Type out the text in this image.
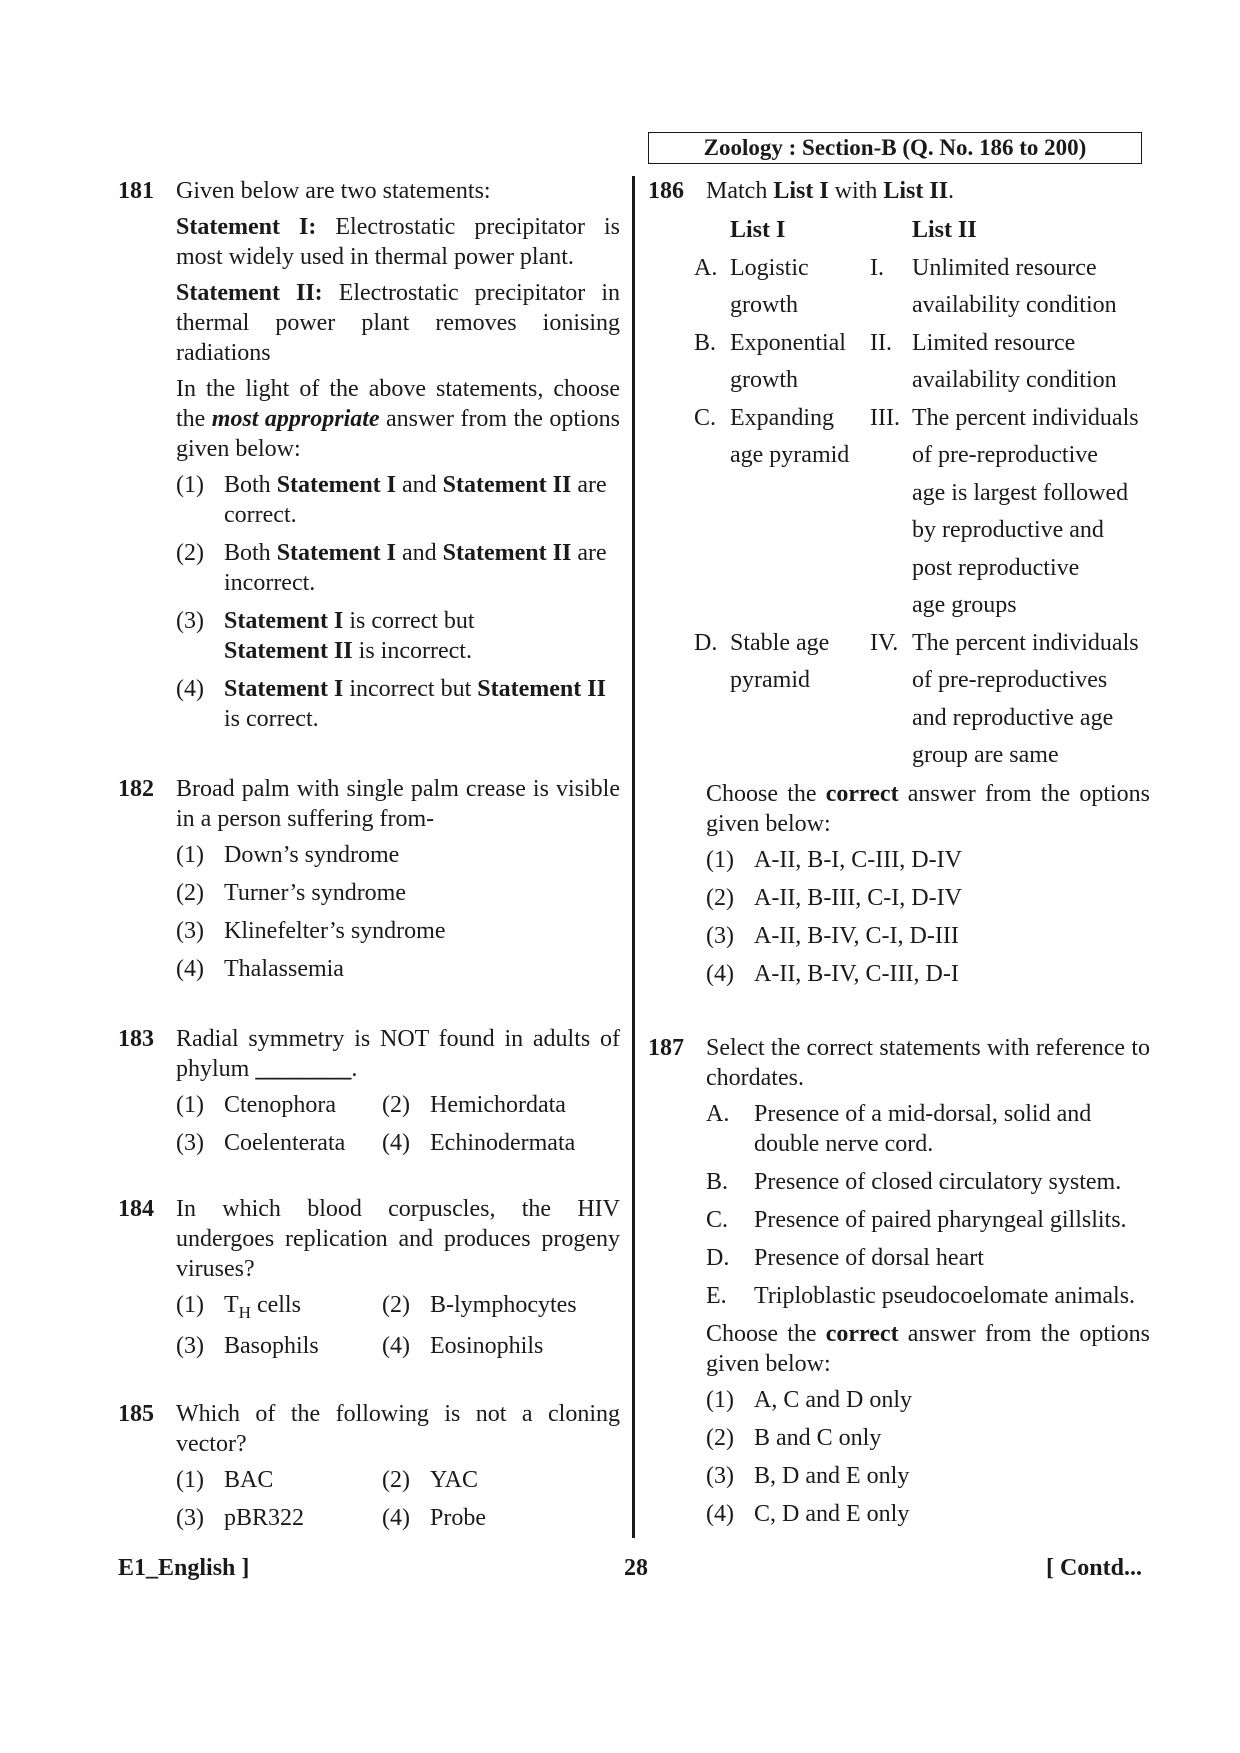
Zoology : Section-B (Q. No. 186 to 200)
181 Given below are two statements:
Statement I: Electrostatic precipitator is most widely used in thermal power plant.
Statement II: Electrostatic precipitator in thermal power plant removes ionising radiations
In the light of the above statements, choose the most appropriate answer from the options given below:
(1) Both Statement I and Statement II are correct.
(2) Both Statement I and Statement II are incorrect.
(3) Statement I is correct but
Statement II is incorrect.
(4) Statement I incorrect but Statement II is correct.
182 Broad palm with single palm crease is visible in a person suffering from-
(1) Down’s syndrome
(2) Turner’s syndrome
(3) Klinefelter’s syndrome
(4) Thalassemia
183 Radial symmetry is NOT found in adults of phylum ________.
(1) Ctenophora	(2) Hemichordata
(3) Coelenterata	(4) Echinodermata
184 In which blood corpuscles, the HIV undergoes replication and produces progeny viruses?
(1) $T_H$ cells	(2) B-lymphocytes
(3) Basophils	(4) Eosinophils
185 Which of the following is not a cloning vector?
(1) BAC	(2) YAC
(3) pBR322	(4) Probe
186 Match List I with List II.
List I	List II
A. Logistic	I.	Unlimited resource
growth	availability condition
B. Exponential	II. Limited resource
growth	availability condition
C. Expanding	III. The percent individuals
age pyramid	of pre-reproductive
age is largest followed
by reproductive and
post reproductive
age groups
D. Stable age	IV. The percent individuals
pyramid	of pre-reproductives
and reproductive age
group are same
Choose the correct answer from the options given below:
(1) A-II, B-I, C-III, D-IV
(2) A-II, B-III, C-I, D-IV
(3) A-II, B-IV, C-I, D-III
(4) A-II, B-IV, C-III, D-I
187 Select the correct statements with reference to chordates.
A. Presence of a mid-dorsal, solid and double nerve cord.
B. Presence of closed circulatory system.
C. Presence of paired pharyngeal gillslits.
D. Presence of dorsal heart
E. Triploblastic pseudocoelomate animals.
Choose the correct answer from the options given below:
(1) A, C and D only
(2) B and C only
(3) B, D and E only
(4) C, D and E only
E1_English ]	28	[ Contd...
